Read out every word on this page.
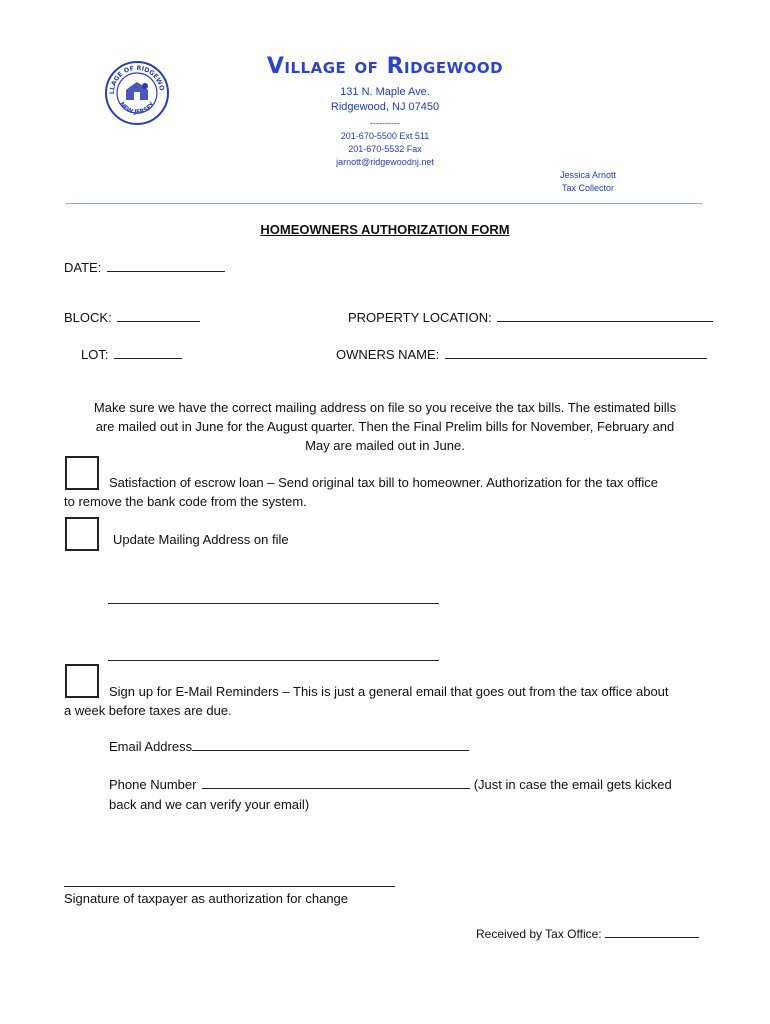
LLAGE OF RIDGEWO
NEW JERSEY
Village of Ridgewood
131 N. Maple Ave.
Ridgewood, NJ 07450
----------
201-670-5500 Ext 511
201-670-5532 Fax
jarnott@ridgewoodnj.net
Jessica Arnott
Tax Collector
HOMEOWNERS AUTHORIZATION FORM
DATE:
BLOCK:	PROPERTY LOCATION:
LOT:	OWNERS NAME:
Make sure we have the correct mailing address on file so you receive the tax bills. The estimated bills
are mailed out in June for the August quarter. Then the Final Prelim bills for November, February and
May are mailed out in June.
Satisfaction of escrow loan – Send original tax bill to homeowner. Authorization for the tax office
to remove the bank code from the system.
Update Mailing Address on file
Sign up for E-Mail Reminders – This is just a general email that goes out from the tax office about
a week before taxes are due.
Email Address
Phone Number	(Just in case the email gets kicked
back and we can verify your email)
Signature of taxpayer as authorization for change
Received by Tax Office:
